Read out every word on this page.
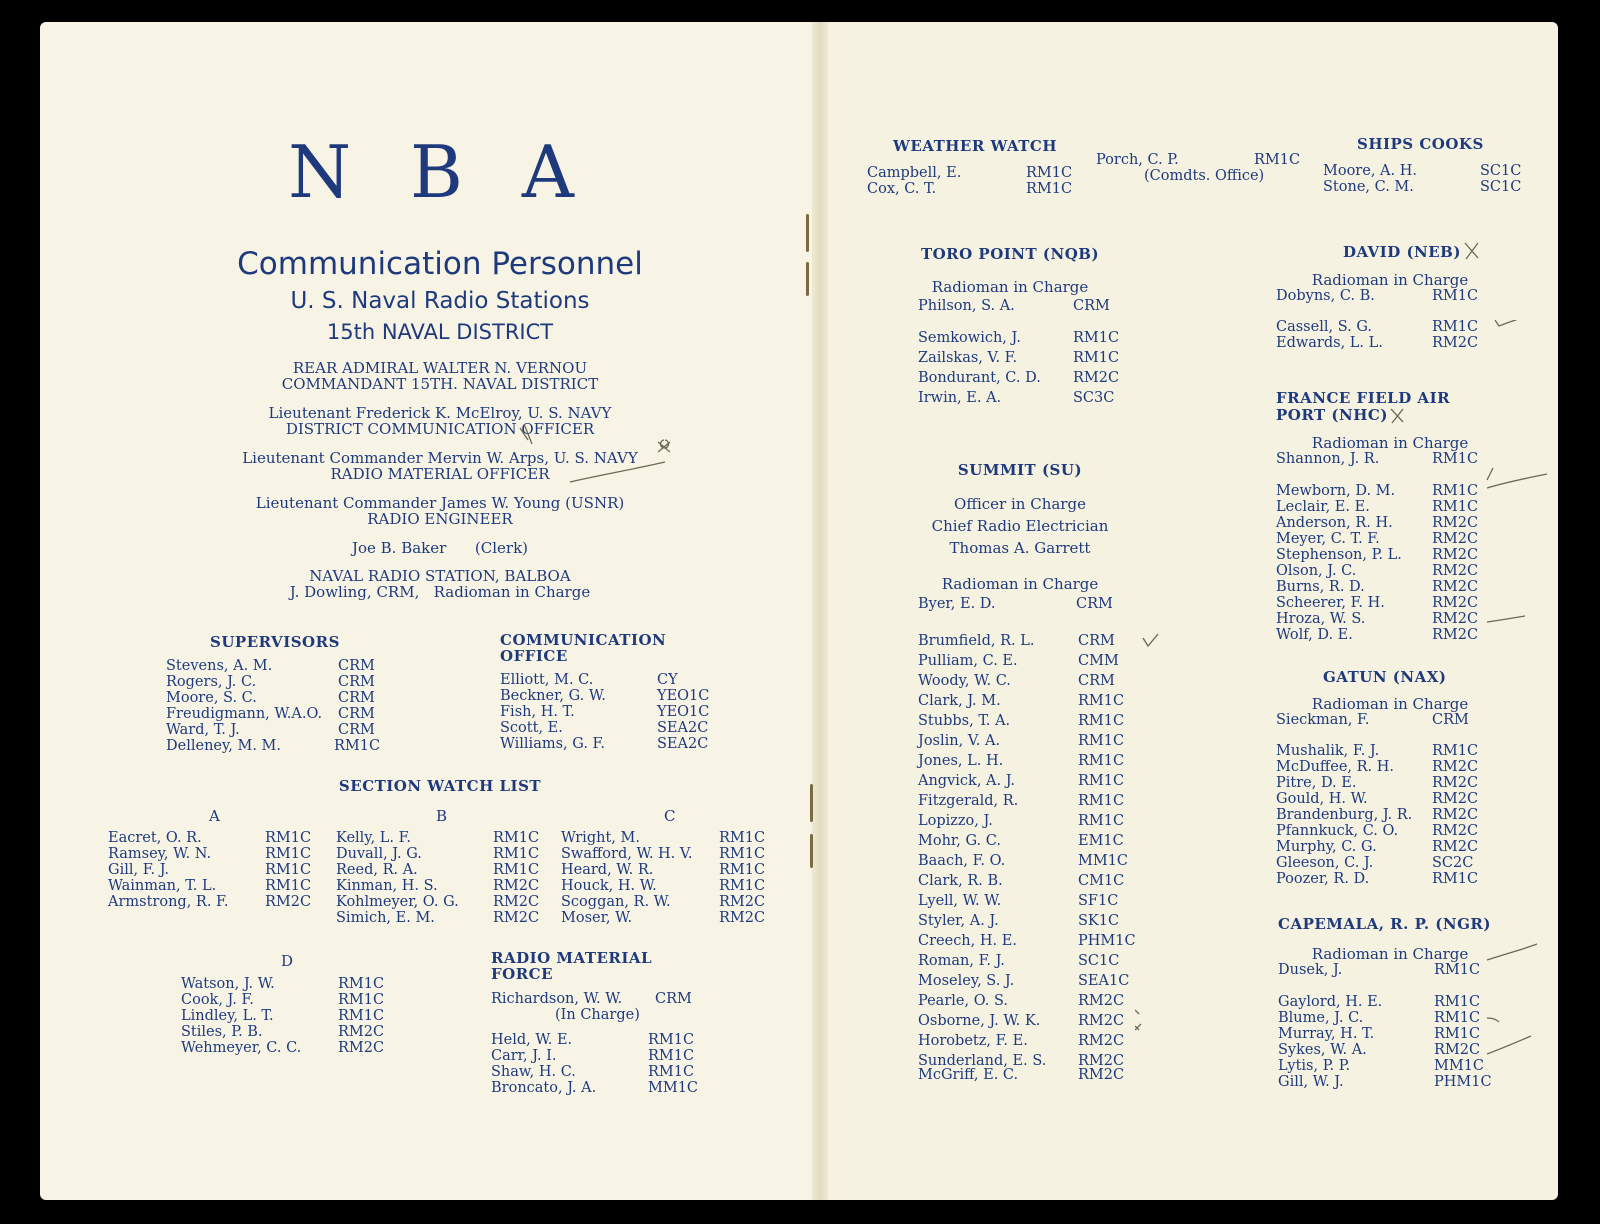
N B A
Communication Personnel
U. S. Naval Radio Stations
15th NAVAL DISTRICT
REAR ADMIRAL WALTER N. VERNOU
COMMANDANT 15TH. NAVAL DISTRICT
Lieutenant Frederick K. McElroy, U. S. NAVY
DISTRICT COMMUNICATION OFFICER
Lieutenant Commander Mervin W. Arps, U. S. NAVY
RADIO MATERIAL OFFICER
Lieutenant Commander James W. Young (USNR)
RADIO ENGINEER
Joe B. Baker      (Clerk)
NAVAL RADIO STATION, BALBOA
J. Dowling, CRM,   Radioman in Charge
SUPERVISORS
Stevens, A. M.	CRM
Rogers, J. C.	CRM
Moore, S. C.	CRM
Freudigmann, W.A.O. CRM
Ward, T. J.	CRM
Delleney, M. M.	RM1C
COMMUNICATION
OFFICE
Elliott, M. C.	CY
Beckner, G. W.	YEO1C
Fish, H. T.	YEO1C
Scott, E.	SEA2C
Williams, G. F.	SEA2C
SECTION WATCH LIST
A	B	C
Eacret, O. R.	RM1C
Ramsey, W. N.	RM1C
Gill, F. J.	RM1C
Wainman, T. L.	RM1C
Armstrong, R. F.	RM2C
Kelly, L. F.	RM1C
Duvall, J. G.	RM1C
Reed, R. A.	RM1C
Kinman, H. S.	RM2C
Kohlmeyer, O. G. RM2C
Simich, E. M.	RM2C
Wright, M.	RM1C
Swafford, W. H. V. RM1C
Heard, W. R.	RM1C
Houck, H. W.	RM1C
Scoggan, R. W.	RM2C
Moser, W.	RM2C
D
Watson, J. W.	RM1C
Cook, J. F.	RM1C
Lindley, L. T.	RM1C
Stiles, P. B.	RM2C
Wehmeyer, C. C.	RM2C
RADIO MATERIAL
FORCE
Richardson, W. W. CRM
(In Charge)
Held, W. E.	RM1C
Carr, J. I.	RM1C
Shaw, H. C.	RM1C
Broncato, J. A.	MM1C
WEATHER WATCH
Campbell, E.	RM1C
Cox, C. T.	RM1C
Porch, C. P.	RM1C
(Comdts. Office)
SHIPS COOKS
Moore, A. H.	SC1C
Stone, C. M.	SC1C
TORO POINT (NQB)
Radioman in Charge
Philson, S. A.	CRM
Semkowich, J.	RM1C
Zailskas, V. F.	RM1C
Bondurant, C. D. RM2C
Irwin, E. A.	SC3C
SUMMIT (SU)
Officer in Charge
Chief Radio Electrician
Thomas A. Garrett
Radioman in Charge
Byer, E. D.	CRM
Brumfield, R. L.	CRM
Pulliam, C. E.	CMM
Woody, W. C.	CRM
Clark, J. M.	RM1C
Stubbs, T. A.	RM1C
Joslin, V. A.	RM1C
Jones, L. H.	RM1C
Angvick, A. J.	RM1C
Fitzgerald, R.	RM1C
Lopizzo, J.	RM1C
Mohr, G. C.	EM1C
Baach, F. O.	MM1C
Clark, R. B.	CM1C
Lyell, W. W.	SF1C
Styler, A. J.	SK1C
Creech, H. E.	PHM1C
Roman, F. J.	SC1C
Moseley, S. J.	SEA1C
Pearle, O. S.	RM2C
Osborne, J. W. K.	RM2C
Horobetz, F. E.	RM2C
Sunderland, E. S. RM2C
McGriff, E. C.	RM2C
DAVID (NEB)
Radioman in Charge
Dobyns, C. B.	RM1C
Cassell, S. G.	RM1C
Edwards, L. L.	RM2C
FRANCE FIELD AIR
PORT (NHC)
Radioman in Charge
Shannon, J. R.	RM1C
Mewborn, D. M.	RM1C
Leclair, E. E.	RM1C
Anderson, R. H.	RM2C
Meyer, C. T. F.	RM2C
Stephenson, P. L. RM2C
Olson, J. C.	RM2C
Burns, R. D.	RM2C
Scheerer, F. H.	RM2C
Hroza, W. S.	RM2C
Wolf, D. E.	RM2C
GATUN (NAX)
Radioman in Charge
Sieckman, F.	CRM
Mushalik, F. J.	RM1C
McDuffee, R. H.	RM2C
Pitre, D. E.	RM2C
Gould, H. W.	RM2C
Brandenburg, J. R. RM2C
Pfannkuck, C. O. RM2C
Murphy, C. G.	RM2C
Gleeson, C. J.	SC2C
Poozer, R. D.	RM1C
CAPEMALA, R. P. (NGR)
Radioman in Charge
Dusek, J.	RM1C
Gaylord, H. E.	RM1C
Blume, J. C.	RM1C
Murray, H. T.	RM1C
Sykes, W. A.	RM2C
Lytis, P. P.	MM1C
Gill, W. J.	PHM1C
